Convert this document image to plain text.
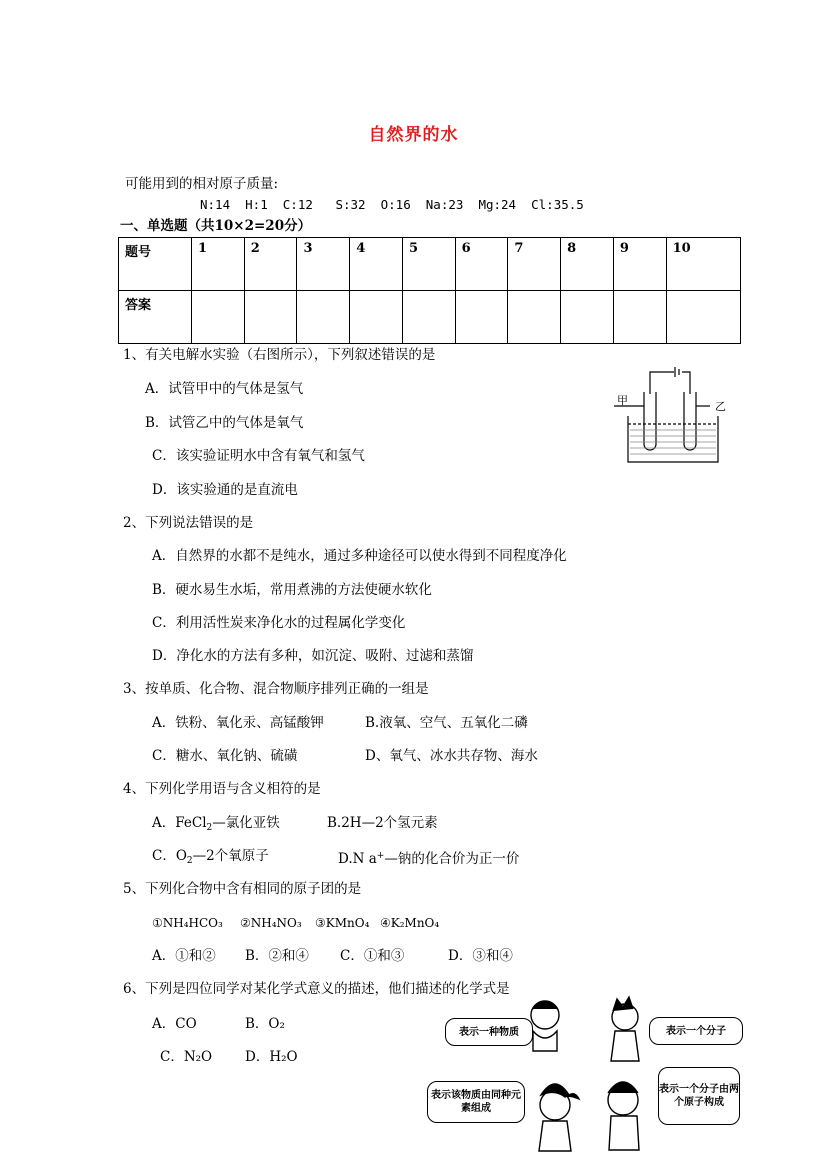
自然界的水
可能用到的相对原子质量:
N:14  H:1  C:12   S:32  O:16  Na:23  Mg:24  Cl:35.5
一、单选题（共10×2=20分）
题号	1	2	3	4	5	6	7	8	9	10
答案										
1、有关电解水实验（右图所示），下列叙述错误的是
A．试管甲中的气体是氢气
B．试管乙中的气体是氧气
C．该实验证明水中含有氧气和氢气
D．该实验通的是直流电
甲	乙
2、下列说法错误的是
A．自然界的水都不是纯水，通过多种途径可以使水得到不同程度净化
B．硬水易生水垢，常用煮沸的方法使硬水软化
C．利用活性炭来净化水的过程属化学变化
D．净化水的方法有多种，如沉淀、吸附、过滤和蒸馏
3、按单质、化合物、混合物顺序排列正确的一组是
A．铁粉、氧化汞、高锰酸钾	B.液氧、空气、五氧化二磷
C．糖水、氧化钠、硫磺	D、氧气、冰水共存物、海水
4、下列化学用语与含义相符的是
A．FeCl$_2$—氯化亚铁	B.2H—2个氢元素
C．$O_2—2$个氧原子	D.N a+—钠的化合价为正一价
5、下列化合物中含有相同的原子团的是
①NH₄HCO₃ ②NH₄NO₃ ③KMnO₄ ④K₂MnO₄
A．①和② B．②和④ C．①和③	D．③和④
6、下列是四位同学对某化学式意义的描述，他们描述的化学式是
A．CO	B．O₂
C．N₂O D．H₂O
表示一种物质	表示一个分子
表示该物质由同种元素组成
表示一个分子由两个原子构成
